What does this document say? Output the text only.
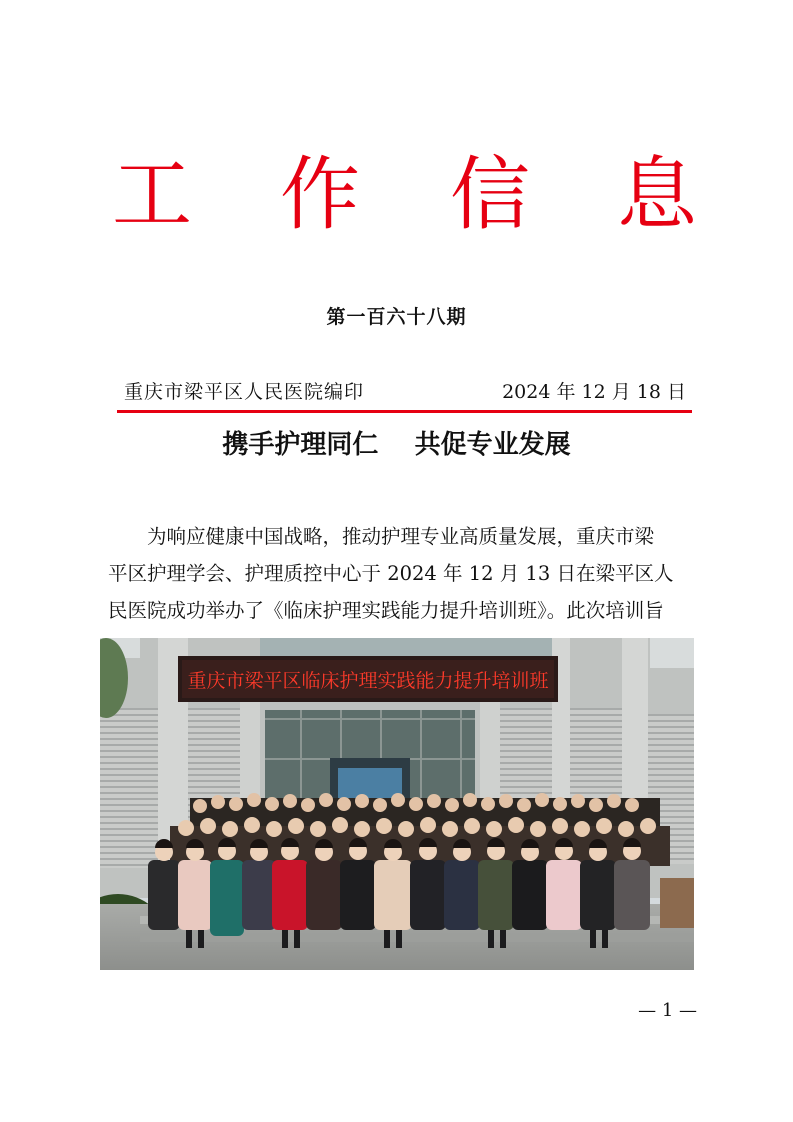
工 作 信 息
第一百六十八期
重庆市梁平区人民医院编印	2024 年 12 月 18 日
携手护理同仁    共促专业发展
为响应健康中国战略，推动护理专业高质量发展，重庆市梁
平区护理学会、护理质控中心于 2024 年 12 月 13 日在梁平区人
民医院成功举办了《临床护理实践能力提升培训班》。此次培训旨
重庆市梁平区临床护理实践能力提升培训班
— 1 —
